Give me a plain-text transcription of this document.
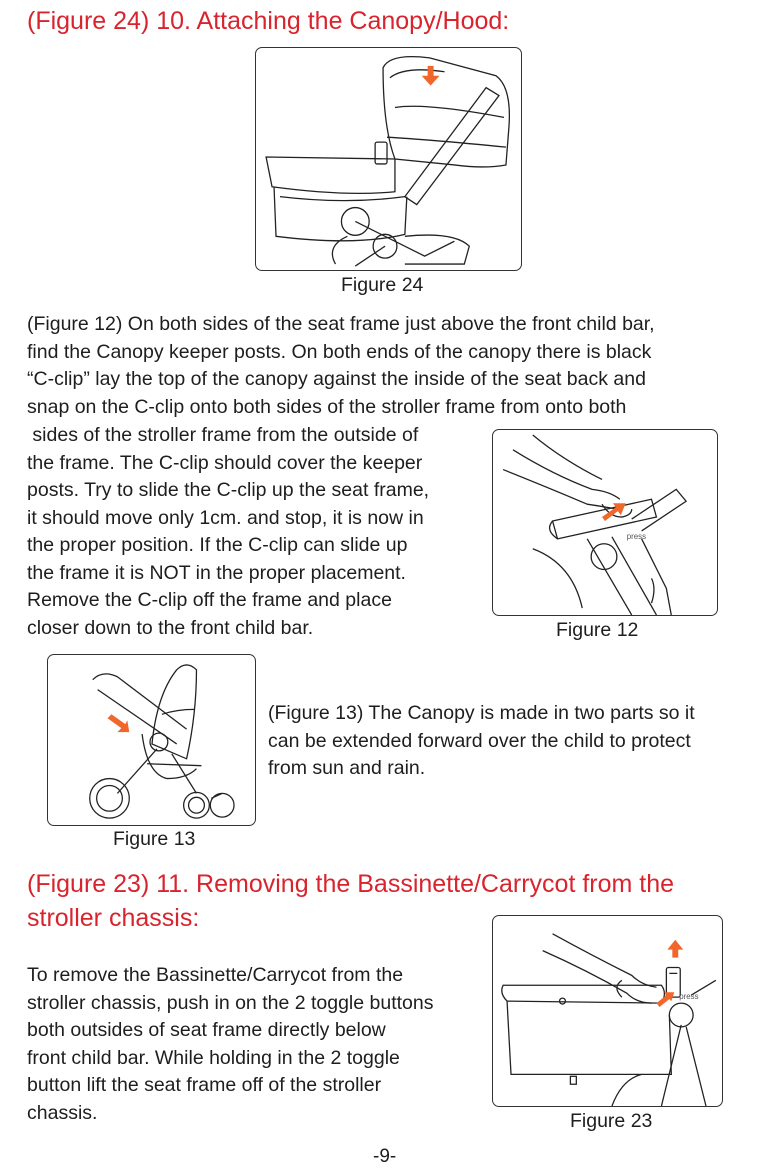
(Figure 24) 10. Attaching the Canopy/Hood:
Figure 24
(Figure 12) On both sides of the seat frame just above the front child bar,
find the Canopy keeper posts. On both ends of the canopy there is black
“C-clip” lay the top of the canopy against the inside of the seat back and
snap on the C-clip onto both sides of the stroller frame from onto both
sides of the stroller frame from the outside of
the frame. The C-clip should cover the keeper
posts. Try to slide the C-clip up the seat frame,
it should move only 1cm. and stop, it is now in
the proper position. If the C-clip can slide up
the frame it is NOT in the proper placement.
Remove the C-clip off the frame and place
closer down to the front child bar.
press
Figure 12
Figure 13
(Figure 13) The Canopy is made in two parts so it
can be extended forward over the child to protect
from sun and rain.
(Figure 23) 11. Removing the Bassinette/Carrycot from the
stroller chassis:
To remove the Bassinette/Carrycot from the
stroller chassis, push in on the 2 toggle buttons
both outsides of seat frame directly below
front child bar. While holding in the 2 toggle
button lift the seat frame off of the stroller
chassis.
press
Figure 23
-9-
